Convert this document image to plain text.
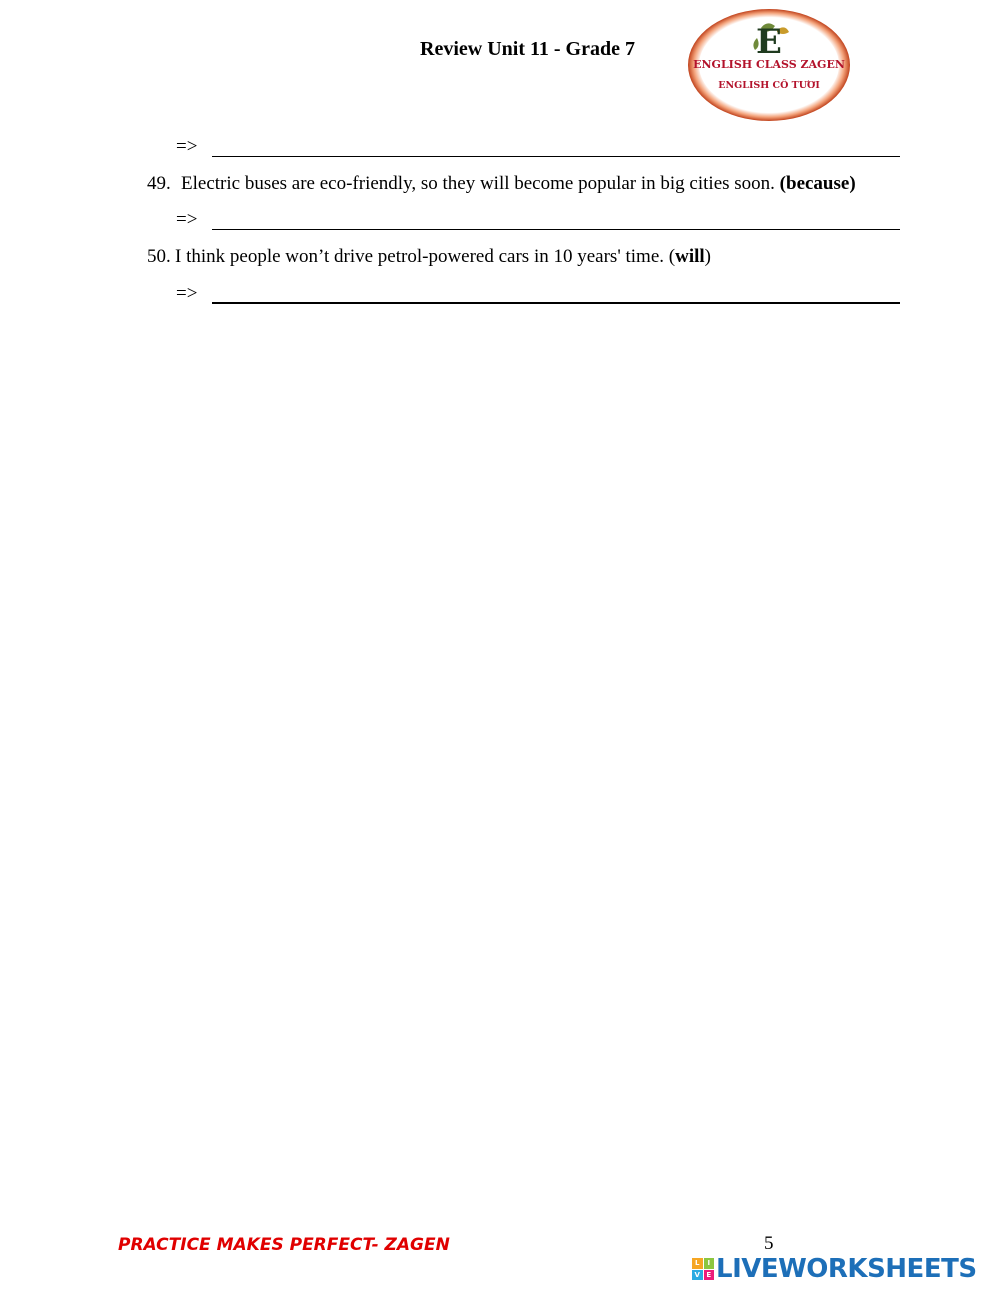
Review Unit 11 - Grade 7	E
ENGLISH CLASS ZAGEN
ENGLISH CÔ TƯƠI
=>
49. Electric buses are eco-friendly, so they will become popular in big cities soon. (because)
=>
50. I think people won’t drive petrol-powered cars in 10 years' time. (will)
=>
PRACTICE MAKES PERFECT- ZAGEN	5
L	I
V E LIVEWORKSHEETS
